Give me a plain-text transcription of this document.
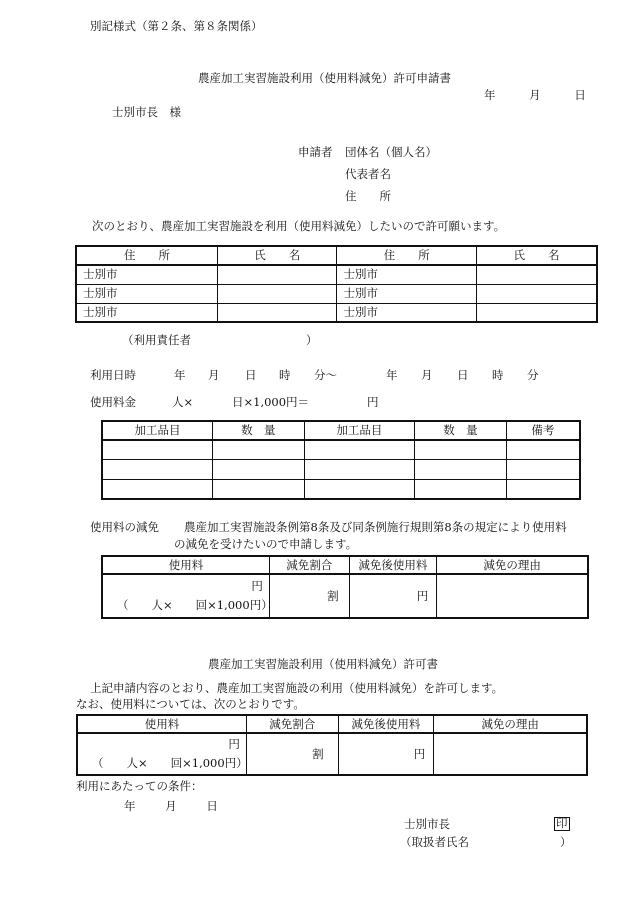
別記様式（第２条、第８条関係）
農産加工実習施設利用（使用料減免）許可申請書
年	月	日
士別市長　様
申請者 団体名（個人名）
代表者名
住　　所
次のとおり、農産加工実習施設を利用（使用料減免）したいので許可願います。
住　　所	氏　　名	住　　所	氏　　名
士別市		士別市	
士別市		士別市	
士別市		士別市	
（利用責任者	）
利用日時	年 月 日 時 分～	年 月 日 時 分
使用料金	人×	日×1,000円＝	円
加工品目	数　量	加工品目	数　量	備考

使用料の減免 農産加工実習施設条例第8条及び同条例施行規則第8条の規定により使用料
の減免を受けたいので申請します。
使用料	減免割合	減免後使用料	減免の理由

円
（　　人×　　回×1,000円）	割	円	
農産加工実習施設利用（使用料減免）許可書
上記申請内容のとおり、農産加工実習施設の利用（使用料減免）を許可します。
なお、使用料については、次のとおりです。
使用料	減免割合	減免後使用料	減免の理由

円
（　　人×　　回×1,000円）	割	円	
利用にあたっての条件：
年	月	日
士別市長	印
（取扱者氏名	）
